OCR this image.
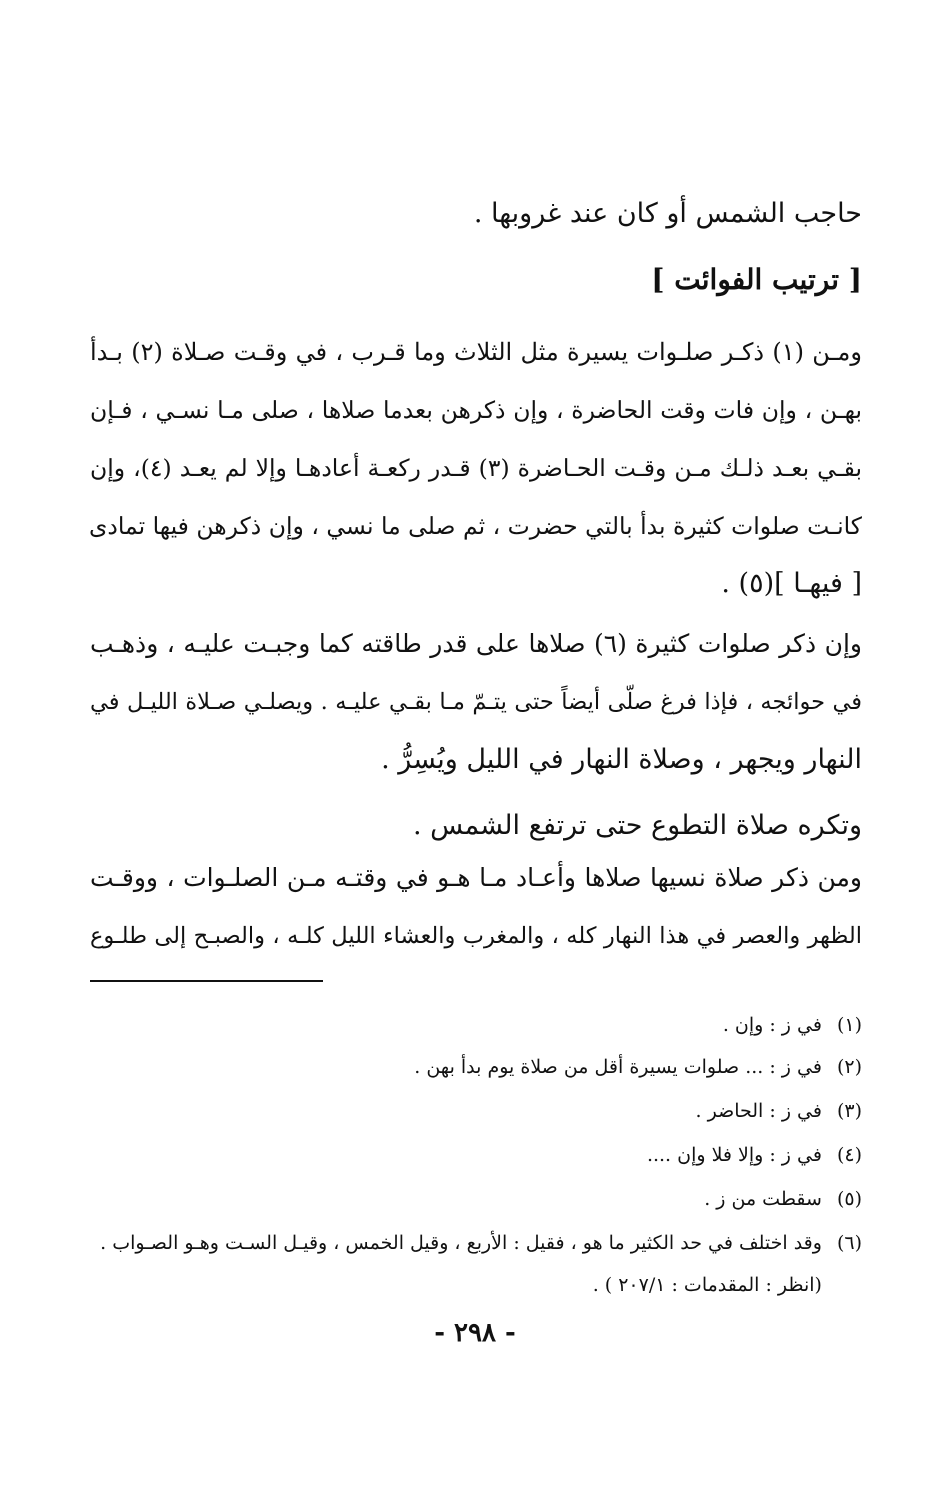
حاجب الشمس أو كان عند غروبها .
[ ترتيب الفوائت ]
ومـن (١) ذكـر صلـوات يسيرة مثل الثلاث وما قـرب ، في وقـت صـلاة (٢) بـدأ
بهـن ، وإن فات وقت الحاضرة ، وإن ذكرهن بعدما صلاها ، صلى مـا نسـي ، فـإن
بقـي بعـد ذلـك مـن وقـت الحـاضرة (٣) قـدر ركعـة أعادهـا وإلا لم يعـد (٤)، وإن
كانـت صلوات كثيرة بدأ بالتي حضرت ، ثم صلى ما نسي ، وإن ذكرهن فيها تمادى
[ فيهـا ](٥) .
وإن ذكر صلوات كثيرة (٦) صلاها على قدر طاقته كما وجبـت عليـه ، وذهـب
في حوائجه ، فإذا فرغ صلّى أيضاً حتى يتـمّ مـا بقـي عليـه . ويصلـي صـلاة الليـل في
النهار ويجهر ، وصلاة النهار في الليل ويُسِرُّ .
وتكره صلاة التطوع حتى ترتفع الشمس .
ومن ذكر صلاة نسيها صلاها وأعـاد مـا هـو في وقتـه مـن الصلـوات ، ووقـت
الظهر والعصر في هذا النهار كله ، والمغرب والعشاء الليل كلـه ، والصبـح إلى طلـوع
(١) في ز : وإن .
(٢) في ز : ... صلوات يسيرة أقل من صلاة يوم بدأ بهن .
(٣) في ز : الحاضر .
(٤) في ز : وإلا فلا وإن ....
(٥) سقطت من ز .
(٦) وقد اختلف في حد الكثير ما هو ، فقيل : الأربع ، وقيل الخمس ، وقيـل السـت وهـو الصـواب .
(انظر : المقدمات : ٢٠٧/١ ) .
- ٢٩٨ -
